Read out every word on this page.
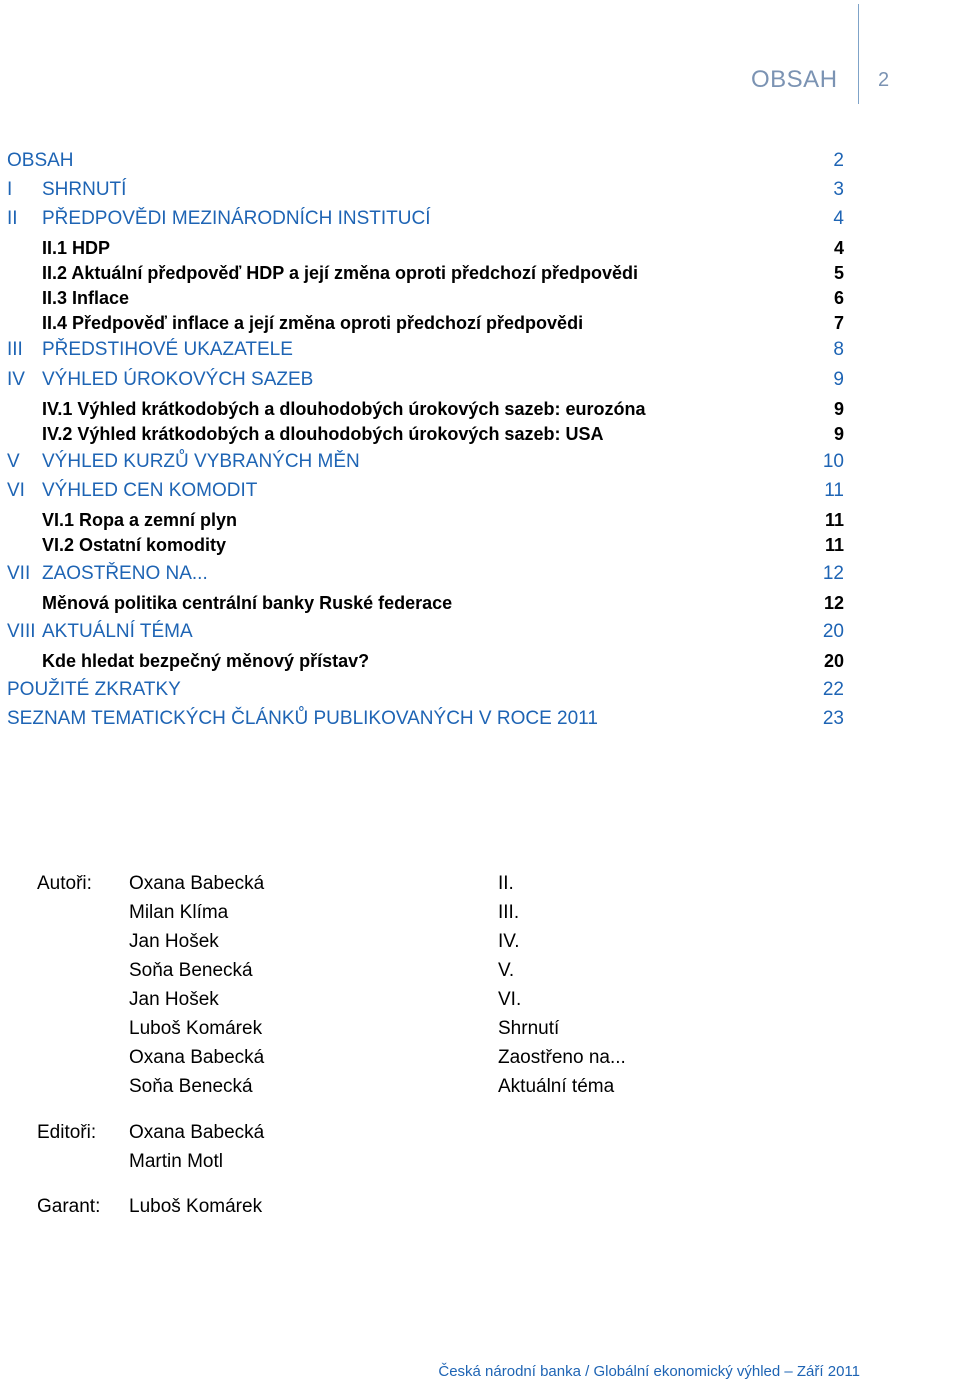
OBSAH 2
OBSAH	2
I SHRNUTÍ	3
II PŘEDPOVĚDI MEZINÁRODNÍCH INSTITUCÍ	4
II.1 HDP	4
II.2 Aktuální předpověď HDP a její změna oproti předchozí předpovědi	5
II.3 Inflace	6
II.4 Předpověď inflace a její změna oproti předchozí předpovědi	7
III PŘEDSTIHOVÉ UKAZATELE	8
IV VÝHLED ÚROKOVÝCH SAZEB	9
IV.1 Výhled krátkodobých a dlouhodobých úrokových sazeb: eurozóna	9
IV.2 Výhled krátkodobých a dlouhodobých úrokových sazeb: USA	9
V VÝHLED KURZŮ VYBRANÝCH MĚN	10
VI VÝHLED CEN KOMODIT	11
VI.1 Ropa a zemní plyn	11
VI.2 Ostatní komodity	11
VII ZAOSTŘENO NA...	12
Měnová politika centrální banky Ruské federace	12
VIII AKTUÁLNÍ TÉMA	20
Kde hledat bezpečný měnový přístav?	20
POUŽITÉ ZKRATKY	22
SEZNAM TEMATICKÝCH ČLÁNKŮ PUBLIKOVANÝCH V ROCE 2011	23
Autoři: Oxana Babecká	II.
Milan Klíma	III.
Jan Hošek	IV.
Soňa Benecká	V.
Jan Hošek	VI.
Luboš Komárek	Shrnutí
Oxana Babecká	Zaostřeno na...
Soňa Benecká	Aktuální téma
Editoři: Oxana Babecká
Martin Motl
Garant: Luboš Komárek
Česká národní banka / Globální ekonomický výhled – Září 2011
